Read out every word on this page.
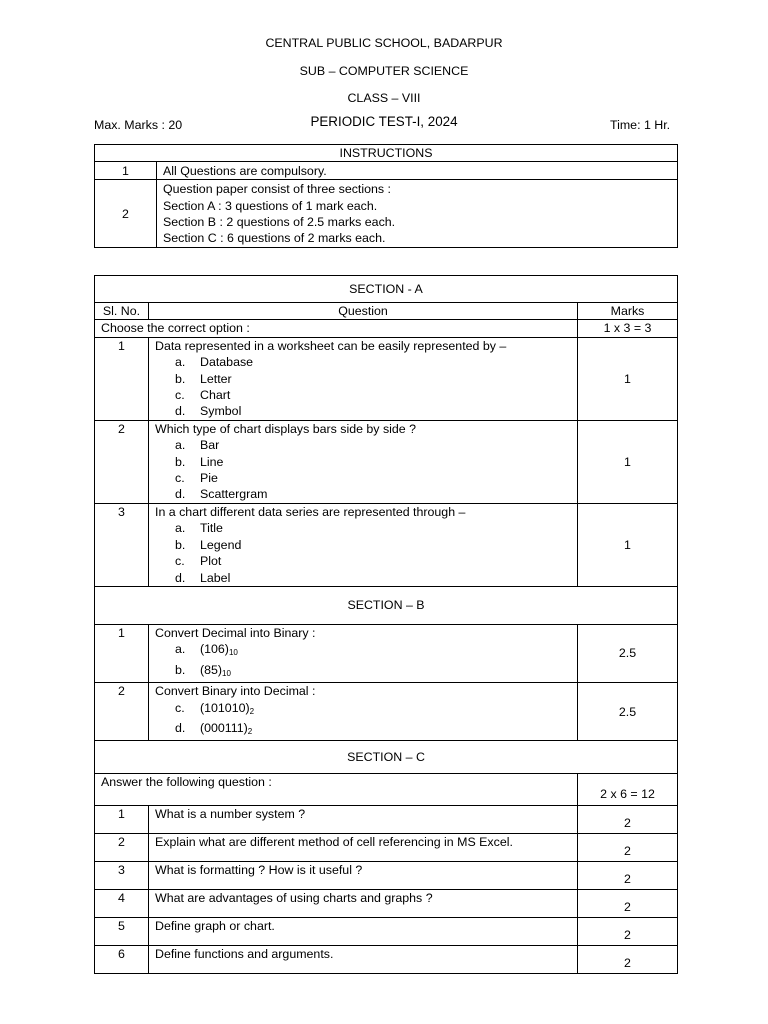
CENTRAL PUBLIC SCHOOL, BADARPUR
SUB – COMPUTER SCIENCE
CLASS – VIII
PERIODIC TEST-I, 2024
Max. Marks : 20	Time: 1 Hr.
INSTRUCTIONS	
1	All Questions are compulsory.
2	Question paper consist of three sections :
Section A : 3 questions of 1 mark each.
Section B : 2 questions of 2.5 marks each.
Section C : 6 questions of 2 marks each.
SECTION - A		
Sl. No.	Question	Marks
Choose the correct option :		1 x 3 = 3
1	Data represented in a worksheet can be easily represented by –
a. Database
b. Letter
c. Chart
d. Symbol	1
2	Which type of chart displays bars side by side ?
a. Bar
b. Line
c. Pie
d. Scattergram	1
3	In a chart different data series are represented through –
a. Title
b. Legend
c. Plot
d. Label	1
SECTION – B		
1	Convert Decimal into Binary :
a. $(106)_{10}$
b. $(85)_{10}$	2.5
2	Convert Binary into Decimal :
c. $(101010)_2$
d. $(000111)_2$	2.5
SECTION – C		
Answer the following question :		2 x 6 = 12
1	What is a number system ?	2
2	Explain what are different method of cell referencing in MS Excel.	2
3	What is formatting ? How is it useful ?	2
4	What are advantages of using charts and graphs ?	2
5	Define graph or chart.	2
6	Define functions and arguments.	2
